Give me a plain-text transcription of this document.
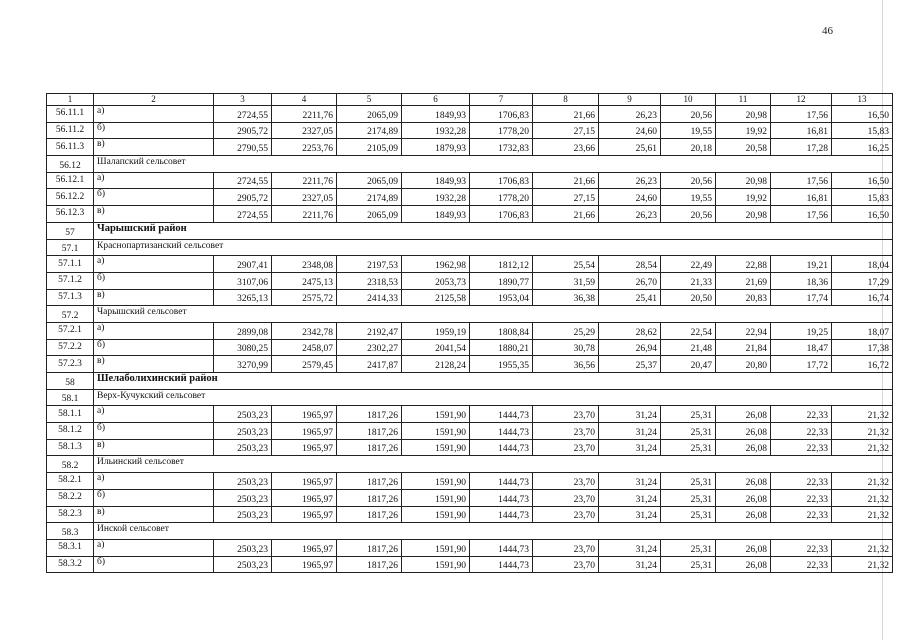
46
1	2	3	4	5	6	7	8	9	10	11	12	13
56.11.1	а)	2724,55	2211,76	2065,09	1849,93	1706,83	21,66	26,23	20,56	20,98	17,56	16,50
56.11.2	б)	2905,72	2327,05	2174,89	1932,28	1778,20	27,15	24,60	19,55	19,92	16,81	15,83
56.11.3	в)	2790,55	2253,76	2105,09	1879,93	1732,83	23,66	25,61	20,18	20,58	17,28	16,25
56.12	Шалапский сельсовет											
56.12.1	а)	2724,55	2211,76	2065,09	1849,93	1706,83	21,66	26,23	20,56	20,98	17,56	16,50
56.12.2	б)	2905,72	2327,05	2174,89	1932,28	1778,20	27,15	24,60	19,55	19,92	16,81	15,83
56.12.3	в)	2724,55	2211,76	2065,09	1849,93	1706,83	21,66	26,23	20,56	20,98	17,56	16,50
57	Чарышский район											
57.1	Краснопартизанский сельсовет											
57.1.1	а)	2907,41	2348,08	2197,53	1962,98	1812,12	25,54	28,54	22,49	22,88	19,21	18,04
57.1.2	б)	3107,06	2475,13	2318,53	2053,73	1890,77	31,59	26,70	21,33	21,69	18,36	17,29
57.1.3	в)	3265,13	2575,72	2414,33	2125,58	1953,04	36,38	25,41	20,50	20,83	17,74	16,74
57.2	Чарышский сельсовет											
57.2.1	а)	2899,08	2342,78	2192,47	1959,19	1808,84	25,29	28,62	22,54	22,94	19,25	18,07
57.2.2	б)	3080,25	2458,07	2302,27	2041,54	1880,21	30,78	26,94	21,48	21,84	18,47	17,38
57.2.3	в)	3270,99	2579,45	2417,87	2128,24	1955,35	36,56	25,37	20,47	20,80	17,72	16,72
58	Шелаболихинский район											
58.1	Верх-Кучукский сельсовет											
58.1.1	а)	2503,23	1965,97	1817,26	1591,90	1444,73	23,70	31,24	25,31	26,08	22,33	21,32
58.1.2	б)	2503,23	1965,97	1817,26	1591,90	1444,73	23,70	31,24	25,31	26,08	22,33	21,32
58.1.3	в)	2503,23	1965,97	1817,26	1591,90	1444,73	23,70	31,24	25,31	26,08	22,33	21,32
58.2	Ильинский сельсовет											
58.2.1	а)	2503,23	1965,97	1817,26	1591,90	1444,73	23,70	31,24	25,31	26,08	22,33	21,32
58.2.2	б)	2503,23	1965,97	1817,26	1591,90	1444,73	23,70	31,24	25,31	26,08	22,33	21,32
58.2.3	в)	2503,23	1965,97	1817,26	1591,90	1444,73	23,70	31,24	25,31	26,08	22,33	21,32
58.3	Инской сельсовет											
58.3.1	а)	2503,23	1965,97	1817,26	1591,90	1444,73	23,70	31,24	25,31	26,08	22,33	21,32
58.3.2	б)	2503,23	1965,97	1817,26	1591,90	1444,73	23,70	31,24	25,31	26,08	22,33	21,32
